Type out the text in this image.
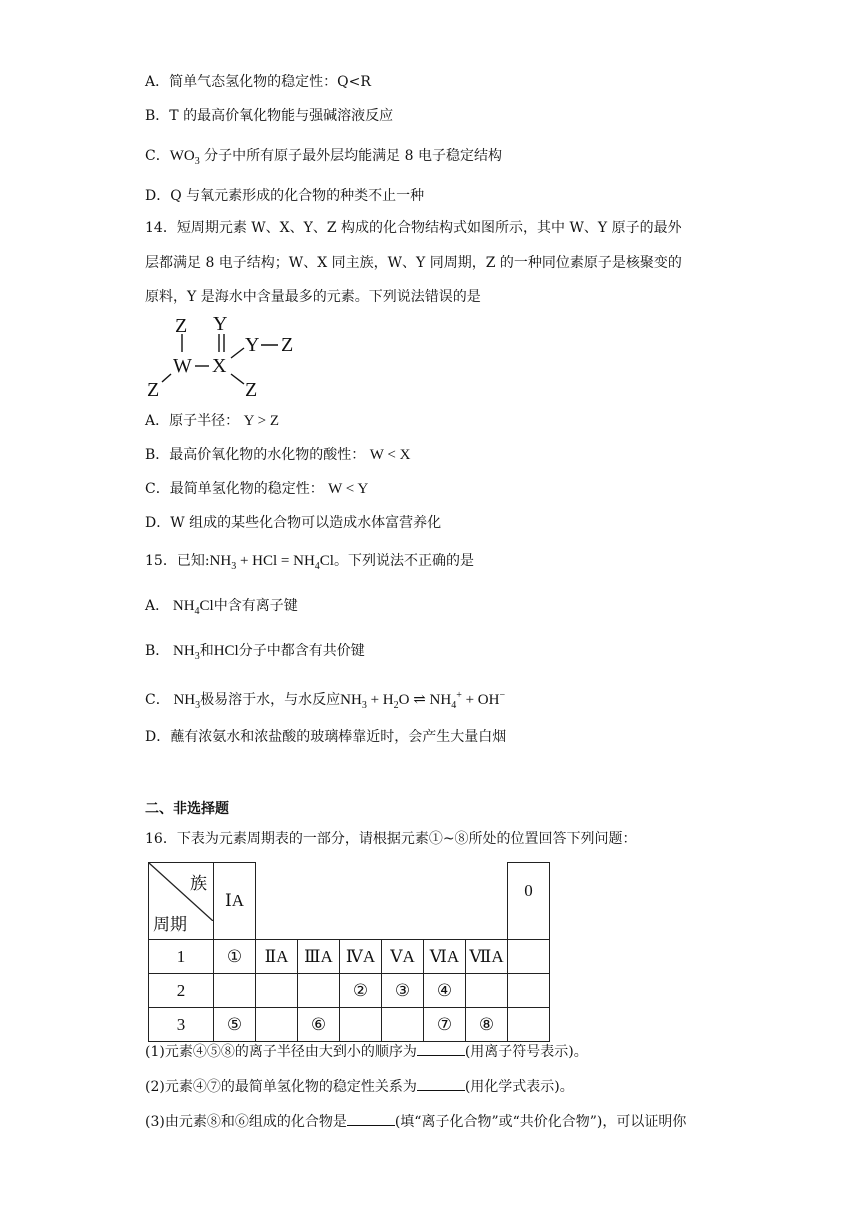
A．简单气态氢化物的稳定性：Q<R
B．T 的最高价氧化物能与强碱溶液反应
C．$WO_3$ 分子中所有原子最外层均能满足 8 电子稳定结构
D．Q 与氧元素形成的化合物的种类不止一种
14．短周期元素 W、X、Y、Z 构成的化合物结构式如图所示，其中 W、Y 原子的最外
层都满足 8 电子结构；W、X 同主族，W、Y 同周期，Z 的一种同位素原子是核聚变的
原料，Y 是海水中含量最多的元素。下列说法错误的是
Z Y
W X
Y Z
Z	Z
A．原子半径： Y > Z
B．最高价氧化物的水化物的酸性： W < X
C．最简单氢化物的稳定性： W < Y
D．W 组成的某些化合物可以造成水体富营养化
15．已知$:NH_3$ + HCl = $NH_4Cl$。下列说法不正确的是
A． $NH_4Cl$中含有离子键
B． $NH_3$和HCl分子中都含有共价键
C． $NH_3$极易溶于水，与水反应$NH_3 + H_2O$ ⇌ $NH_4^+ + OH^-$
D．蘸有浓氨水和浓盐酸的玻璃棒靠近时，会产生大量白烟
二、非选择题
16．下表为元素周期表的一部分，请根据元素①~⑧所处的位置回答下列问题：
族
周期	ⅠA							0
1	①	ⅡA	ⅢA	ⅣA	ⅤA	ⅥA	ⅦA	
2				②	③	④		
3	⑤		⑥			⑦	⑧	
(1)元素④⑤⑧的离子半径由大到小的顺序为	(用离子符号表示)。
(2)元素④⑦的最简单氢化物的稳定性关系为	(用化学式表示)。
(3)由元素⑧和⑥组成的化合物是	(填“离子化合物”或“共价化合物”)，可以证明你
